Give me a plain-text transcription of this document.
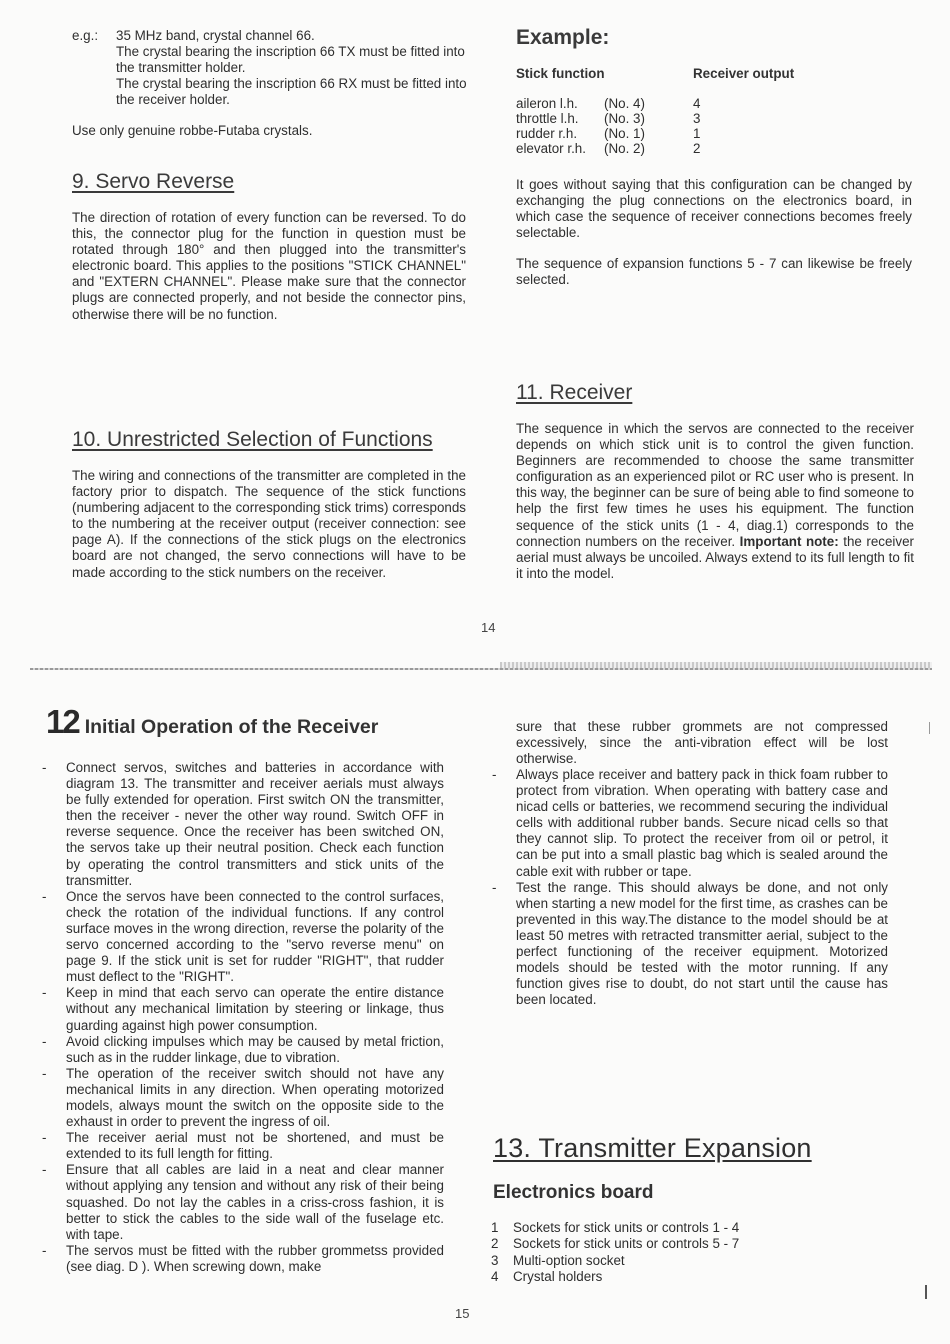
e.g.:	35 MHz band, crystal channel 66.

The crystal bearing the inscription 66 TX must be fitted into the transmitter holder.

The crystal bearing the inscription 66 RX must be fitted into the receiver holder.

Use only genuine robbe-Futaba crystals.

9. Servo Reverse

The direction of rotation of every function can be reversed. To do this, the connector plug for the function in question must be rotated through 180° and then plugged into the transmitter's electronic board. This applies to the positions "STICK CHANNEL" and "EXTERN CHANNEL". Please make sure that the connector plugs are connected properly, and not beside the connector pins, otherwise there will be no function.

10. Unrestricted Selection of Functions

The wiring and connections of the transmitter are completed in the factory prior to dispatch. The sequence of the stick functions (numbering adjacent to the corresponding stick trims) corresponds to the numbering at the receiver output (receiver connection: see page A). If the connections of the stick plugs on the electronics board are not changed, the servo connections will have to be made according to the stick numbers on the receiver.

Example:
Stick function	Receiver output
aileron l.h.	(No. 4)	4
throttle l.h.	(No. 3)	3
rudder r.h.	(No. 1)	1
elevator r.h.	(No. 2)	2

It goes without saying that this configuration can be changed by exchanging the plug connections on the electronics board, in which case the sequence of receiver connections becomes freely selectable.

The sequence of expansion functions 5 - 7 can likewise be freely selected.

11. Receiver

The sequence in which the servos are connected to the receiver depends on which stick unit is to control the given function. Beginners are recommended to choose the same transmitter configuration as an experienced pilot or RC user who is present. In this way, the beginner can be sure of being able to find someone to help the first few times he uses his equipment. The function sequence of the stick units (1 - 4, diag.1) corresponds to the connection numbers on the receiver. Important note: the receiver aerial must always be uncoiled. Always extend to its full length to fit it into the model.

14
12 Initial Operation of the Receiver
- Connect servos, switches and batteries in accordance with diagram 13. The transmitter and receiver aerials must always be fully extended for operation. First switch ON the transmitter, then the receiver - never the other way round. Switch OFF in reverse sequence. Once the receiver has been switched ON, the servos take up their neutral position. Check each function by operating the control transmitters and stick units of the transmitter.
- Once the servos have been connected to the control surfaces, check the rotation of the individual functions. If any control surface moves in the wrong direction, reverse the polarity of the servo concerned according to the "servo reverse menu" on page 9. If the stick unit is set for rudder "RIGHT", that rudder must deflect to the "RIGHT".
- Keep in mind that each servo can operate the entire distance without any mechanical limitation by steering or linkage, thus guarding against high power consumption.
- Avoid clicking impulses which may be caused by metal friction, such as in the rudder linkage, due to vibration.
- The operation of the receiver switch should not have any mechanical limits in any direction. When operating motorized models, always mount the switch on the opposite side to the exhaust in order to prevent the ingress of oil.
- The receiver aerial must not be shortened, and must be extended to its full length for fitting.
- Ensure that all cables are laid in a neat and clear manner without applying any tension and without any risk of their being squashed. Do not lay the cables in a criss-cross fashion, it is better to stick the cables to the side wall of the fuselage etc. with tape.
- The servos must be fitted with the rubber grommetss provided (see diag. D ). When screwing down, make

sure that these rubber grommets are not compressed excessively, since the anti-vibration effect will be lost otherwise.

- Always place receiver and battery pack in thick foam rubber to protect from vibration. When operating with battery case and nicad cells or batteries, we recommend securing the individual cells with additional rubber bands. Secure nicad cells so that they cannot slip. To protect the receiver from oil or petrol, it can be put into a small plastic bag which is sealed around the cable exit with rubber or tape.
- Test the range. This should always be done, and not only when starting a new model for the first time, as crashes can be prevented in this way.The distance to the model should be at least 50 metres with retracted transmitter aerial, subject to the perfect functioning of the receiver equipment. Motorized models should be tested with the motor running. If any function gives rise to doubt, do not start until the cause has been located.
13. Transmitter Expansion
Electronics board
1	Sockets for stick units or controls 1 - 4
2	Sockets for stick units or controls 5 - 7
3	Multi-option socket
4	Crystal holders
15
